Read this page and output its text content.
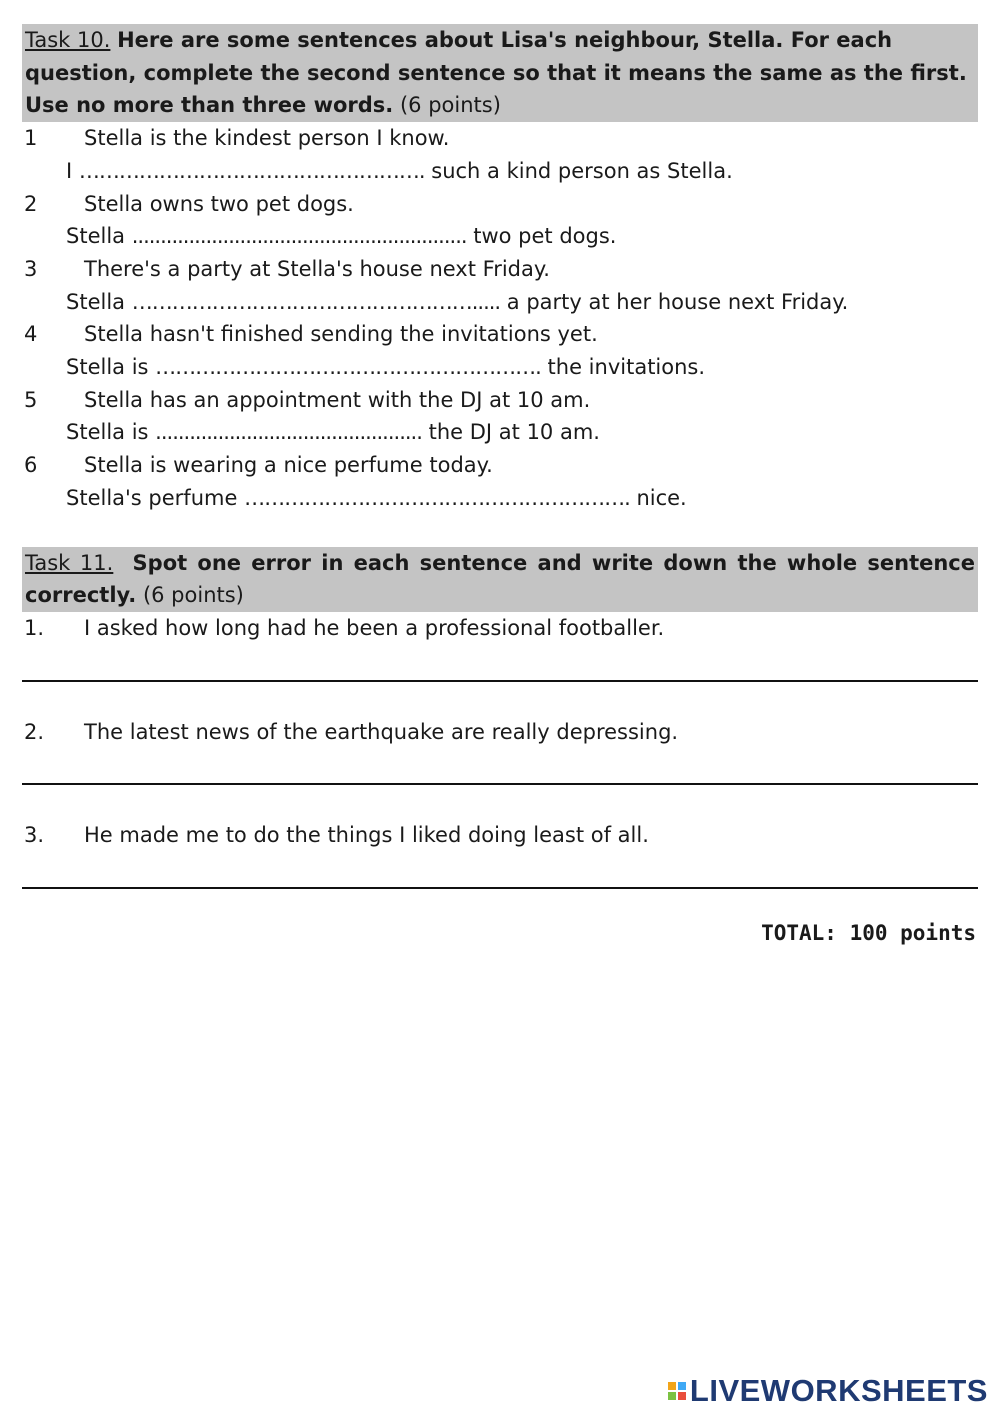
Task 10. Here are some sentences about Lisa's neighbour, Stella. For each question, complete the second sentence so that it means the same as the first. Use no more than three words. (6 points)
1 Stella is the kindest person I know.
I ……………………………………………. such a kind person as Stella.
2 Stella owns two pet dogs.
Stella ........................................................... two pet dogs.
3 There's a party at Stella's house next Friday.
Stella ……………………………………………..... a party at her house next Friday.
4 Stella hasn't finished sending the invitations yet.
Stella is …………………………………………………. the invitations.
5 Stella has an appointment with the DJ at 10 am.
Stella is ............................................... the DJ at 10 am.
6 Stella is wearing a nice perfume today.
Stella's perfume …………………………………………………. nice.
Task 11. Spot one error in each sentence and write down the whole sentence correctly. (6 points)
1. I asked how long had he been a professional footballer.
2. The latest news of the earthquake are really depressing.
3. He made me to do the things I liked doing least of all.
TOTAL: 100 points
LIVEWORKSHEETS
